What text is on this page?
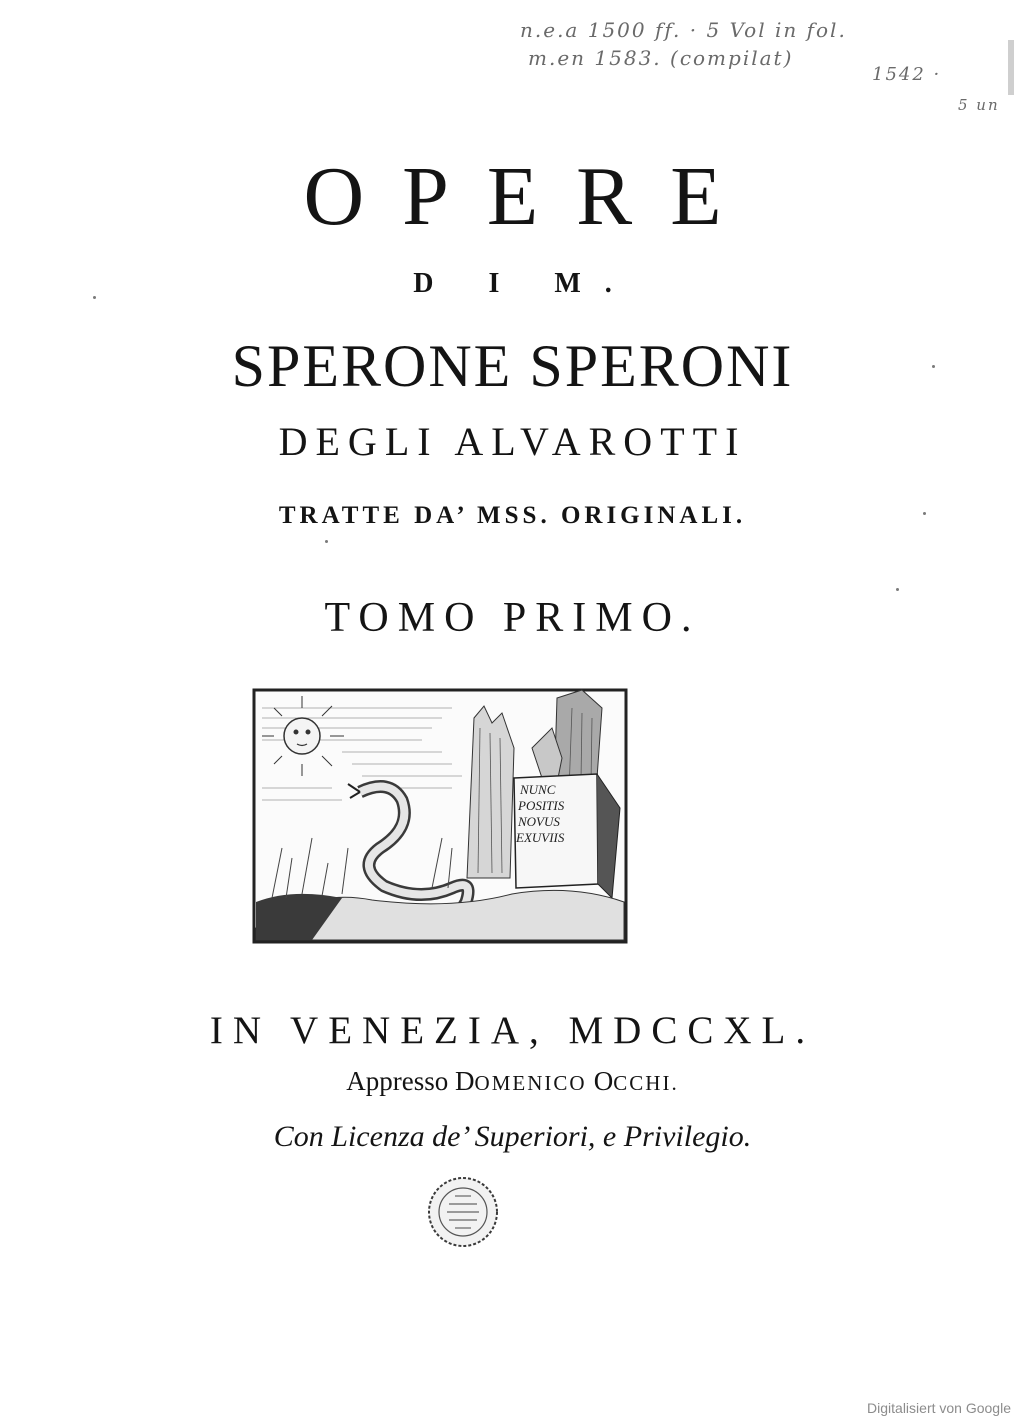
n.e.a 1500 ff. · 5 Vol in fol.
m.en 1583. (compilat)
1542 ·
5 un
OPERE
D I M.
SPERONE SPERONI
DEGLI ALVAROTTI
TRATTE DA’ MSS. ORIGINALI.
TOMO PRIMO.
NUNC
POSITIS
NOVUS
EXUVIIS
IN VENEZIA, MDCCXL.
Appresso DOMENICO OCCHI.
Con Licenza de’ Superiori, e Privilegio.
Digitalisiert von Google
